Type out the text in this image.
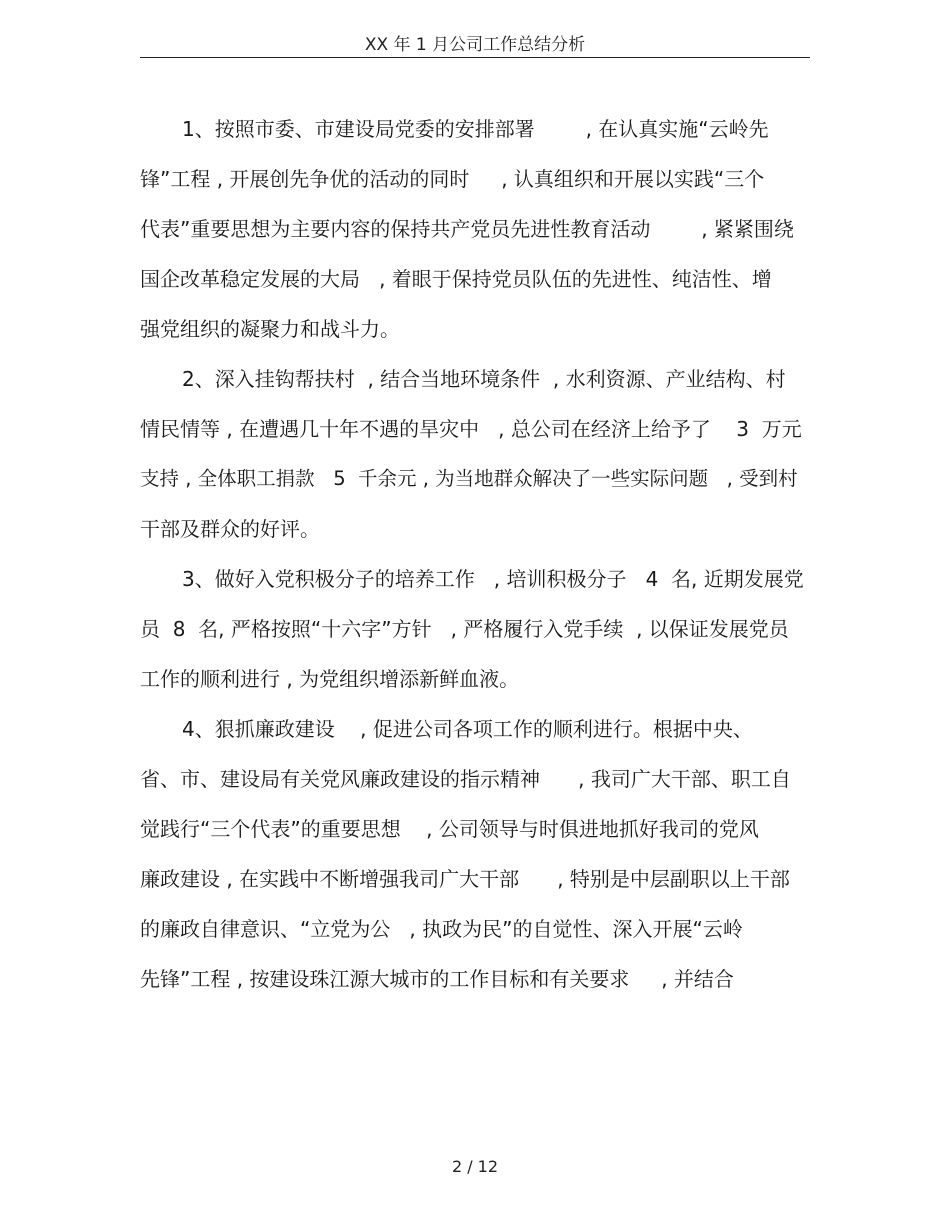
XX 年 1 月公司工作总结分析
1、按照市委、市建设局党委的安排部署        , 在认真实施“云岭先
锋”工程 , 开展创先争优的活动的同时     , 认真组织和开展以实践“三个
代表”重要思想为主要内容的保持共产党员先进性教育活动        , 紧紧围绕
国企改革稳定发展的大局   , 着眼于保持党员队伍的先进性、纯洁性、增
强党组织的凝聚力和战斗力。
2、深入挂钩帮扶村  , 结合当地环境条件  , 水利资源、产业结构、村
情民情等 , 在遭遇几十年不遇的旱灾中   , 总公司在经济上给予了    3  万元
支持 , 全体职工捐款   5  千余元 , 为当地群众解决了一些实际问题   , 受到村
干部及群众的好评。
3、做好入党积极分子的培养工作   , 培训积极分子   4  名, 近期发展党
员  8  名, 严格按照“十六字”方针   , 严格履行入党手续  , 以保证发展党员
工作的顺利进行 , 为党组织增添新鲜血液。
4、狠抓廉政建设    , 促进公司各项工作的顺利进行。根据中央、
省、市、建设局有关党风廉政建设的指示精神      , 我司广大干部、职工自
觉践行“三个代表”的重要思想    , 公司领导与时俱进地抓好我司的党风
廉政建设 , 在实践中不断增强我司广大干部      , 特别是中层副职以上干部
的廉政自律意识、“立党为公   , 执政为民”的自觉性、深入开展“云岭
先锋”工程 , 按建设珠江源大城市的工作目标和有关要求     , 并结合
2 / 12
